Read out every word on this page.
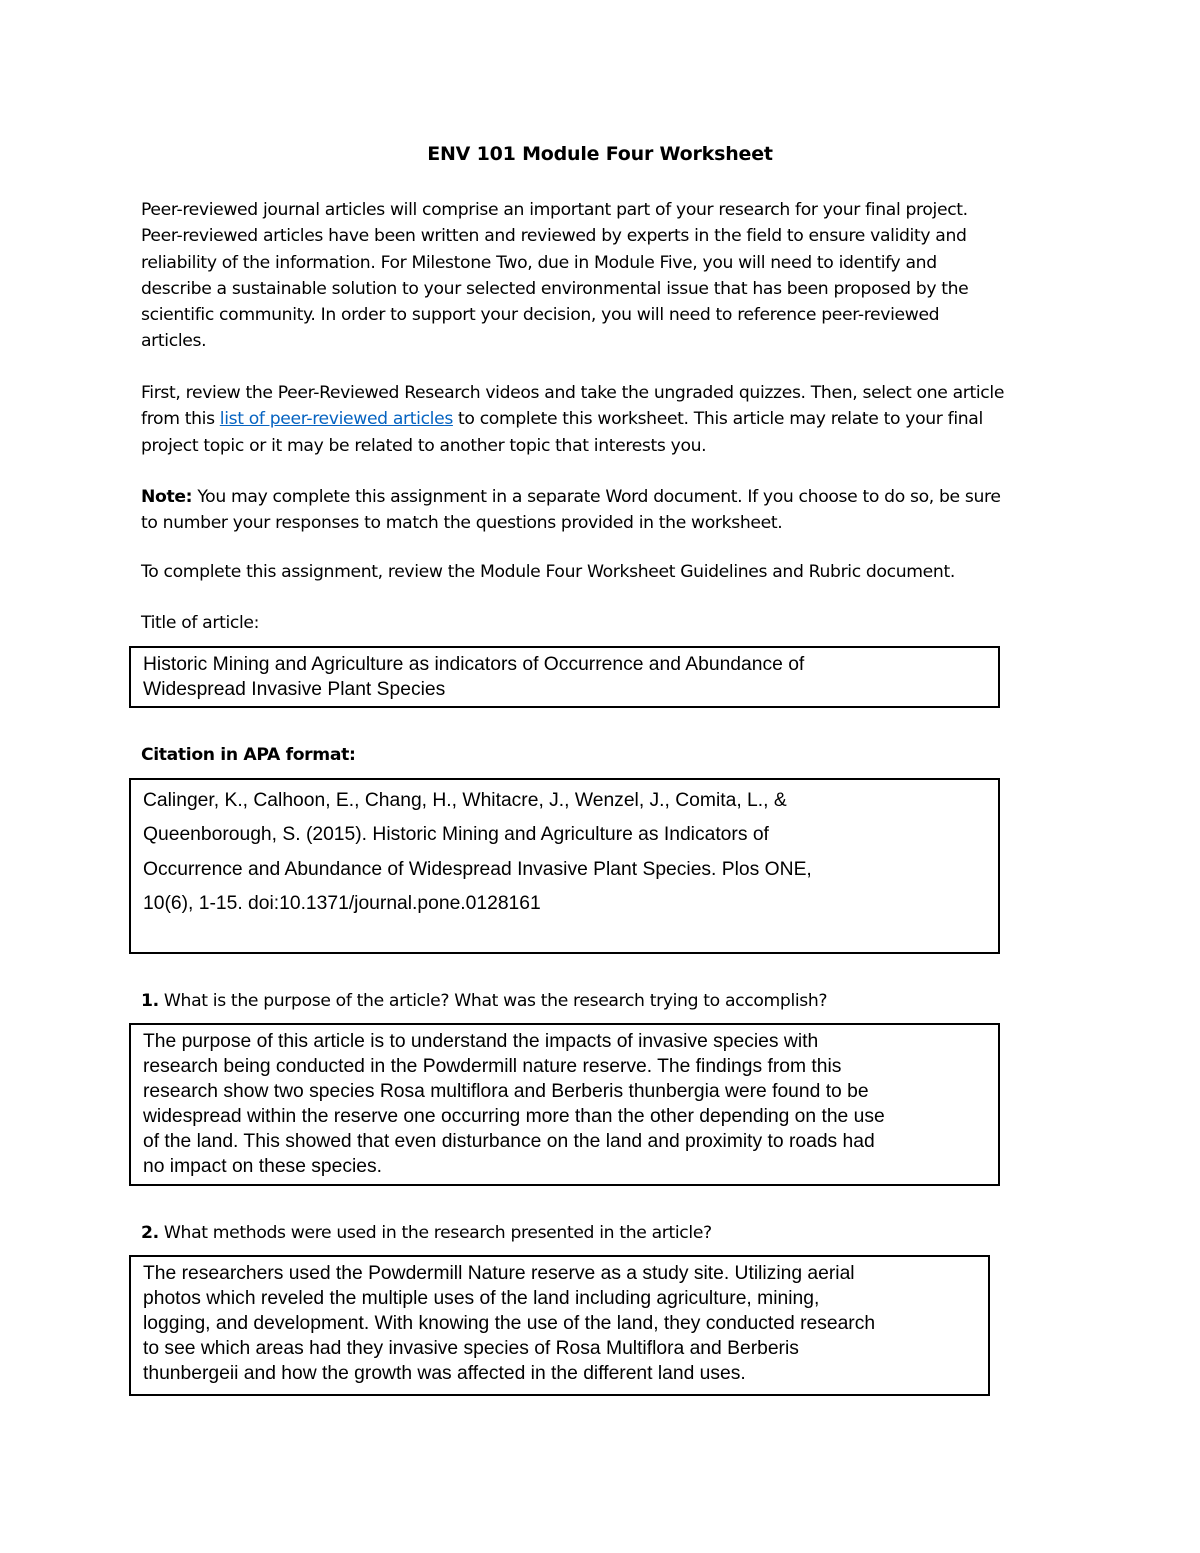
ENV 101 Module Four Worksheet
Peer-reviewed journal articles will comprise an important part of your research for your final project.
Peer-reviewed articles have been written and reviewed by experts in the field to ensure validity and
reliability of the information. For Milestone Two, due in Module Five, you will need to identify and
describe a sustainable solution to your selected environmental issue that has been proposed by the
scientific community. In order to support your decision, you will need to reference peer-reviewed
articles.
First, review the Peer-Reviewed Research videos and take the ungraded quizzes. Then, select one article
from this list of peer-reviewed articles to complete this worksheet. This article may relate to your final
project topic or it may be related to another topic that interests you.
Note: You may complete this assignment in a separate Word document. If you choose to do so, be sure
to number your responses to match the questions provided in the worksheet.
To complete this assignment, review the Module Four Worksheet Guidelines and Rubric document.
Title of article:
Historic Mining and Agriculture as indicators of Occurrence and Abundance of
Widespread Invasive Plant Species
Citation in APA format:
Calinger, K., Calhoon, E., Chang, H., Whitacre, J., Wenzel, J., Comita, L., &
Queenborough, S. (2015). Historic Mining and Agriculture as Indicators of
Occurrence and Abundance of Widespread Invasive Plant Species. Plos ONE,
10(6), 1-15. doi:10.1371/journal.pone.0128161
1. What is the purpose of the article? What was the research trying to accomplish?
The purpose of this article is to understand the impacts of invasive species with
research being conducted in the Powdermill nature reserve. The findings from this
research show two species Rosa multiflora and Berberis thunbergia were found to be
widespread within the reserve one occurring more than the other depending on the use
of the land. This showed that even disturbance on the land and proximity to roads had
no impact on these species.
2. What methods were used in the research presented in the article?
The researchers used the Powdermill Nature reserve as a study site. Utilizing aerial
photos which reveled the multiple uses of the land including agriculture, mining,
logging, and development. With knowing the use of the land, they conducted research
to see which areas had they invasive species of Rosa Multiflora and Berberis
thunbergeii and how the growth was affected in the different land uses.
